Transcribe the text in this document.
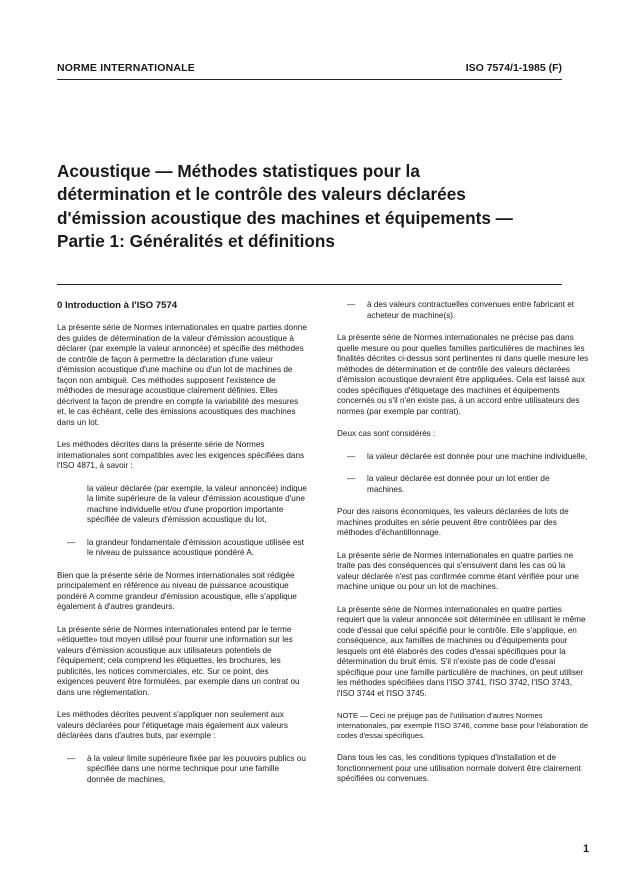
NORME INTERNATIONALE	ISO 7574/1-1985 (F)
Acoustique — Méthodes statistiques pour la
détermination et le contrôle des valeurs déclarées
d'émission acoustique des machines et équipements —
Partie 1: Généralités et définitions
0 Introduction à l'ISO 7574

La présente série de Normes internationales en quatre parties donne des guides de détermination de la valeur d'émission acoustique à déclarer (par exemple la valeur annoncée) et spécifie des méthodes de contrôle de façon à permettre la déclaration d'une valeur d'émission acoustique d'une machine ou d'un lot de machines de façon non ambiguë. Ces méthodes supposent l'existence de méthodes de mesurage acoustique clairement définies. Elles décrivent la façon de prendre en compte la variabilité des mesures et, le cas échéant, celle des émissions acoustiques des machines dans un lot.

Les méthodes décrites dans la présente série de Normes internationales sont compatibles avec les exigences spécifiées dans l'ISO 4871, à savoir :

la valeur déclarée (par exemple, la valeur annoncée) indique la limite supérieure de la valeur d'émission acoustique d'une machine individuelle et/ou d'une proportion importante spécifiée de valeurs d'émission acoustique du lot,

—	la grandeur fondamentale d'émission acoustique utilisée est le niveau de puissance acoustique pondéré A.

Bien que la présente série de Normes internationales soit rédigée principalement en référence au niveau de puissance acoustique pondéré A comme grandeur d'émission acoustique, elle s'applique également à d'autres grandeurs.

La présente série de Normes internationales entend par le terme «étiquette» tout moyen utilisé pour fournir une information sur les valeurs d'émission acoustique aux utilisateurs potentiels de l'équipement; cela comprend les étiquettes, les brochures, les publicités, les notices commerciales, etc. Sur ce point, des exigences peuvent être formulées, par exemple dans un contrat ou dans une réglementation.

Les méthodes décrites peuvent s'appliquer non seulement aux valeurs déclarées pour l'étiquetage mais également aux valeurs déclarées dans d'autres buts, par exemple :

—	à la valeur limite supérieure fixée par les pouvoirs publics ou spécifiée dans une norme technique pour une famille donnée de machines,
—	à des valeurs contractuelles convenues entre fabricant et acheteur de machine(s).

La présente série de Normes internationales ne précise pas dans quelle mesure ou pour quelles familles particulières de machines les finalités décrites ci-dessus sont pertinentes ni dans quelle mesure les méthodes de détermination et de contrôle des valeurs déclarées d'émission acoustique devraient être appliquées. Cela est laissé aux codes spécifiques d'étiquetage des machines et équipements concernés ou s'il n'en existe pas, à un accord entre utilisateurs des normes (par exemple par contrat).

Deux cas sont considérés :

—	la valeur déclarée est donnée pour une machine individuelle,
—	la valeur déclarée est donnée pour un lot entier de machines.

Pour des raisons économiques, les valeurs déclarées de lots de machines produites en série peuvent être contrôlées par des méthodes d'échantillonnage.

La présente série de Normes internationales en quatre parties ne traite pas des conséquences qui s'ensuivent dans les cas où la valeur déclarée n'est pas confirmée comme étant vérifiée pour une machine unique ou pour un lot de machines.

La présente série de Normes internationales en quatre parties requiert que la valeur annoncée soit déterminée en utilisant le même code d'essai que celui spécifié pour le contrôle. Elle s'applique, en conséquence, aux familles de machines ou d'équipements pour lesquels ont été élaborés des codes d'essai spécifiques pour la détermination du bruit émis. S'il n'existe pas de code d'essai spécifique pour une famille particulière de machines, on peut utiliser les méthodes spécifiées dans l'ISO 3741, l'ISO 3742, l'ISO 3743, l'ISO 3744 et l'ISO 3745.

NOTE — Ceci ne préjuge pas de l'utilisation d'autres Normes internationales, par exemple l'ISO 3746, comme base pour l'élaboration de codes d'essai spécifiques.

Dans tous les cas, les conditions typiques d'installation et de fonctionnement pour une utilisation normale doivent être clairement spécifiées ou convenues.

1
